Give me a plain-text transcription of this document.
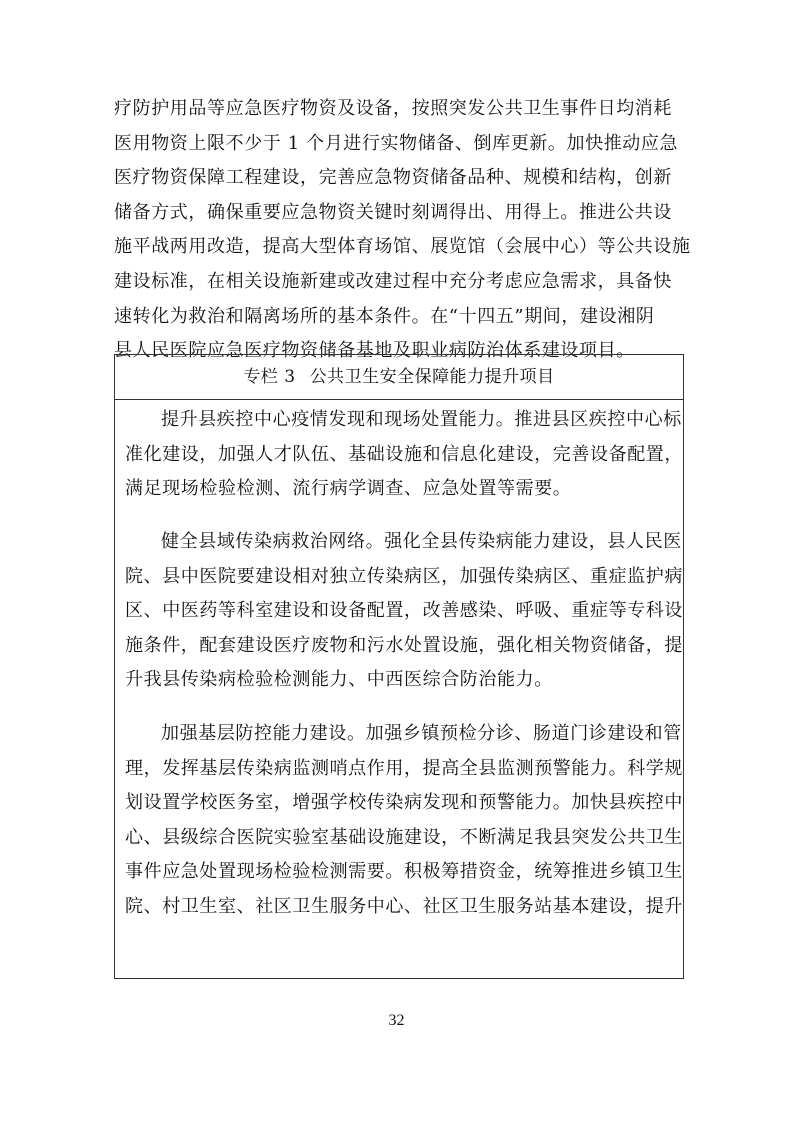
疗防护用品等应急医疗物资及设备，按照突发公共卫生事件日均消耗
医用物资上限不少于 1 个月进行实物储备、倒库更新。加快推动应急
医疗物资保障工程建设，完善应急物资储备品种、规模和结构，创新
储备方式，确保重要应急物资关键时刻调得出、用得上。推进公共设
施平战两用改造，提高大型体育场馆、展览馆（会展中心）等公共设施
建设标准，在相关设施新建或改建过程中充分考虑应急需求，具备快
速转化为救治和隔离场所的基本条件。在“十四五”期间，建设湘阴
县人民医院应急医疗物资储备基地及职业病防治体系建设项目。
专栏 3 公共卫生安全保障能力提升项目
提升县疾控中心疫情发现和现场处置能力。推进县区疾控中心标
准化建设，加强人才队伍、基础设施和信息化建设，完善设备配置，
满足现场检验检测、流行病学调查、应急处置等需要。
健全县域传染病救治网络。强化全县传染病能力建设，县人民医
院、县中医院要建设相对独立传染病区，加强传染病区、重症监护病
区、中医药等科室建设和设备配置，改善感染、呼吸、重症等专科设
施条件，配套建设医疗废物和污水处置设施，强化相关物资储备，提
升我县传染病检验检测能力、中西医综合防治能力。
加强基层防控能力建设。加强乡镇预检分诊、肠道门诊建设和管
理，发挥基层传染病监测哨点作用，提高全县监测预警能力。科学规
划设置学校医务室，增强学校传染病发现和预警能力。加快县疾控中
心、县级综合医院实验室基础设施建设，不断满足我县突发公共卫生
事件应急处置现场检验检测需要。积极筹措资金，统筹推进乡镇卫生
院、村卫生室、社区卫生服务中心、社区卫生服务站基本建设，提升
32
